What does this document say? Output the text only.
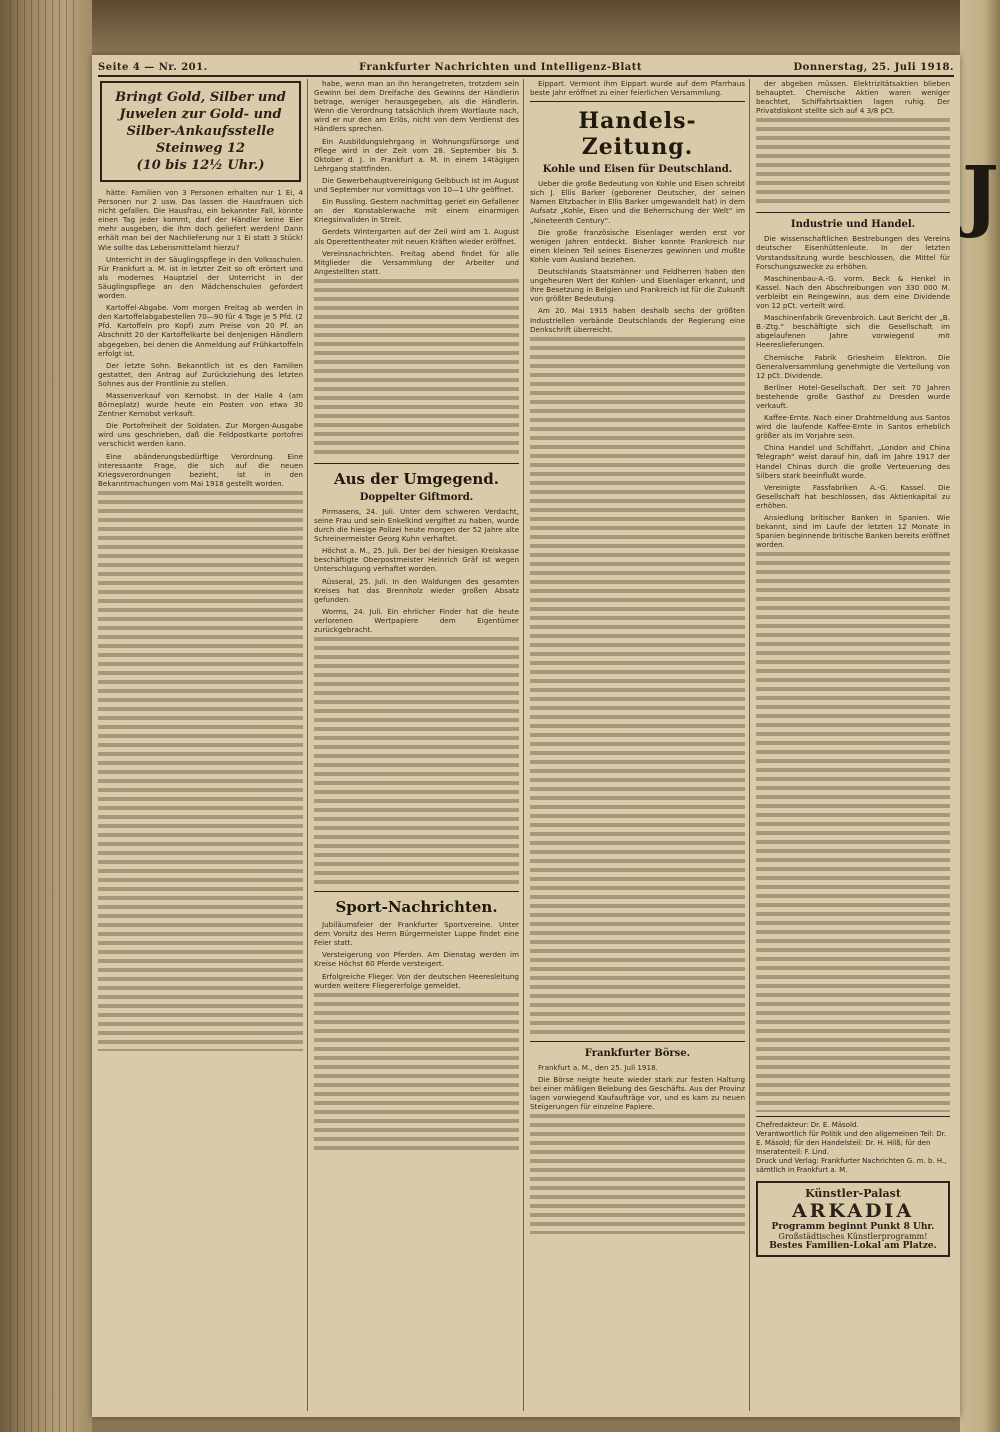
J
Seite 4 — Nr. 201.	Frankfurter Nachrichten und Intelligenz-Blatt	Donnerstag, 25. Juli 1918.
Bringt Gold, Silber und
Juwelen zur Gold- und
Silber-Ankaufsstelle Steinweg 12
(10 bis 12½ Uhr.)

hätte: Familien von 3 Personen erhalten nur 1 Ei, 4 Personen nur 2 usw. Das lassen die Hausfrauen sich nicht gefallen. Die Hausfrau, ein bekannter Fall, könnte einen Tag jeder kommt, darf der Händler keine Eier mehr ausgeben, die ihm doch geliefert werden! Dann erhält man bei der Nachlieferung nur 1 Ei statt 3 Stück! Wie sollte das Lebensmittelamt hierzu?

Unterricht in der Säuglingspflege in den Volksschulen. Für Frankfurt a. M. ist in letzter Zeit so oft erörtert und als modernes Hauptziel der Unterricht in der Säuglingspflege an den Mädchenschulen gefordert worden.

Kartoffel-Abgabe. Vom morgen Freitag ab werden in den Kartoffelabgabestellen 70—90 für 4 Tage je 5 Pfd. (2 Pfd. Kartoffeln pro Kopf) zum Preise von 20 Pf. an Abschnitt 20 der Kartoffelkarte bei denjenigen Händlern abgegeben, bei denen die Anmeldung auf Frühkartoffeln erfolgt ist.

Der letzte Sohn. Bekanntlich ist es den Familien gestattet, den Antrag auf Zurückziehung des letzten Sohnes aus der Frontlinie zu stellen.

Massenverkauf von Kernobst. In der Halle 4 (am Börneplatz) wurde heute ein Posten von etwa 30 Zentner Kernobst verkauft.

Die Portofreiheit der Soldaten. Zur Morgen-Ausgabe wird uns geschrieben, daß die Feldpostkarte portofrei verschickt werden kann.

Eine abänderungsbedürftige Verordnung. Eine interessante Frage, die sich auf die neuen Kriegsverordnungen bezieht, ist in den Bekanntmachungen vom Mai 1918 gestellt worden.

habe, wenn man an ihn herangetreten, trotzdem sein Gewinn bei dem Dreifache des Gewinns der Händlerin betrage, weniger herausgegeben, als die Händlerin. Wenn die Verordnung tatsächlich ihrem Wortlaute nach, wird er nur den am Erlös, nicht von dem Verdienst des Händlers sprechen.

Ein Ausbildungslehrgang in Wohnungsfürsorge und Pflege wird in der Zeit vom 28. September bis 5. Oktober d. J. in Frankfurt a. M. in einem 14tägigen Lehrgang stattfinden.

Die Gewerbehauptvereinigung Gelbbuch ist im August und September nur vormittags von 10—1 Uhr geöffnet.

Ein Russling. Gestern nachmittag geriet ein Gefallener an der Konstablerwache mit einem einarmigen Kriegsinvaliden in Streit.

Gerdets Wintergarten auf der Zeil wird am 1. August als Operettentheater mit neuen Kräften wieder eröffnet.

Vereinsnachrichten. Freitag abend findet für alle Mitglieder die Versammlung der Arbeiter und Angestellten statt.

Aus der Umgegend.
Doppelter Giftmord.

Pirmasens, 24. Juli. Unter dem schweren Verdacht, seine Frau und sein Enkelkind vergiftet zu haben, wurde durch die hiesige Polizei heute morgen der 52 Jahre alte Schreinermeister Georg Kuhn verhaftet.

Höchst a. M., 25. Juli. Der bei der hiesigen Kreiskasse beschäftigte Oberpostmeister Heinrich Gräf ist wegen Unterschlagung verhaftet worden.

Rüsseral, 25. Juli. In den Waldungen des gesamten Kreises hat das Brennholz wieder großen Absatz gefunden.

Worms, 24. Juli. Ein ehrlicher Finder hat die heute verlorenen Wertpapiere dem Eigentümer zurückgebracht.

Sport-Nachrichten.

Jubiläumsfeier der Frankfurter Sportvereine. Unter dem Vorsitz des Herrn Bürgermeister Luppe findet eine Feier statt.

Versteigerung von Pferden. Am Dienstag werden im Kreise Höchst 60 Pferde versteigert.

Erfolgreiche Flieger. Von der deutschen Heeresleitung wurden weitere Fliegererfolge gemeldet.

Eippart. Vermont ihm Eippart wurde auf dem Pfarrhaus beste Jahr eröffnet zu einer feierlichen Versammlung.

Handels-Zeitung.
Kohle und Eisen für Deutschland.

Ueber die große Bedeutung von Kohle und Eisen schreibt sich J. Ellis Barker (geborener Deutscher, der seinen Namen Eltzbacher in Ellis Barker umgewandelt hat) in dem Aufsatz „Kohle, Eisen und die Beherrschung der Welt“ im „Nineteenth Century“.

Die große französische Eisenlager werden erst vor wenigen Jahren entdeckt. Bisher konnte Frankreich nur einen kleinen Teil seines Eisenerzes gewinnen und mußte Kohle vom Ausland beziehen.

Deutschlands Staatsmänner und Feldherren haben den ungeheuren Wert der Kohlen- und Eisenlager erkannt, und ihre Besetzung in Belgien und Frankreich ist für die Zukunft von größter Bedeutung.

Am 20. Mai 1915 haben deshalb sechs der größten Industriellen verbände Deutschlands der Regierung eine Denkschrift überreicht.

Frankfurter Börse.

Frankfurt a. M., den 25. Juli 1918.

Die Börse neigte heute wieder stark zur festen Haltung bei einer mäßigen Belebung des Geschäfts. Aus der Provinz lagen vorwiegend Kaufaufträge vor, und es kam zu neuen Steigerungen für einzelne Papiere.

der abgeben müssen. Elektrizitätsaktien blieben behauptet. Chemische Aktien waren weniger beachtet, Schiffahrtsaktien lagen ruhig. Der Privatdiskont stellte sich auf 4 3/8 pCt.

Industrie und Handel.

Die wissenschaftlichen Bestrebungen des Vereins deutscher Eisenhüttenleute. In der letzten Vorstandssitzung wurde beschlossen, die Mittel für Forschungszwecke zu erhöhen.

Maschinenbau-A.-G. vorm. Beck & Henkel in Kassel. Nach den Abschreibungen von 330 000 M. verbleibt ein Reingewinn, aus dem eine Dividende von 12 pCt. verteilt wird.

Maschinenfabrik Grevenbroich. Laut Bericht der „B. B.-Ztg.“ beschäftigte sich die Gesellschaft im abgelaufenen Jahre vorwiegend mit Heereslieferungen.

Chemische Fabrik Griesheim Elektron. Die Generalversammlung genehmigte die Verteilung von 12 pCt. Dividende.

Berliner Hotel-Gesellschaft. Der seit 70 Jahren bestehende große Gasthof zu Dresden wurde verkauft.

Kaffee-Ernte. Nach einer Drahtmeldung aus Santos wird die laufende Kaffee-Ernte in Santos erheblich größer als im Vorjahre sein.

China Handel und Schiffahrt. „London and China Telegraph“ weist darauf hin, daß im Jahre 1917 der Handel Chinas durch die große Verteuerung des Silbers stark beeinflußt wurde.

Vereinigte Fassfabriken A.-G. Kassel. Die Gesellschaft hat beschlossen, das Aktienkapital zu erhöhen.

Ansiedlung britischer Banken in Spanien. Wie bekannt, sind im Laufe der letzten 12 Monate in Spanien beginnende britische Banken bereits eröffnet worden.

Chefredakteur: Dr. E. Mäsold.
Verantwortlich für Politik und den allgemeinen Teil: Dr. E. Mäsold; für den Handelsteil: Dr. H. Hilß; für den Inseratenteil: F. Lind.
Druck und Verlag: Frankfurter Nachrichten G. m. b. H., sämtlich in Frankfurt a. M.
Künstler-Palast
ARKADIA
Programm beginnt Punkt 8 Uhr.
Großstädtisches Künstlerprogramm!
Bestes Familien-Lokal am Platze.
